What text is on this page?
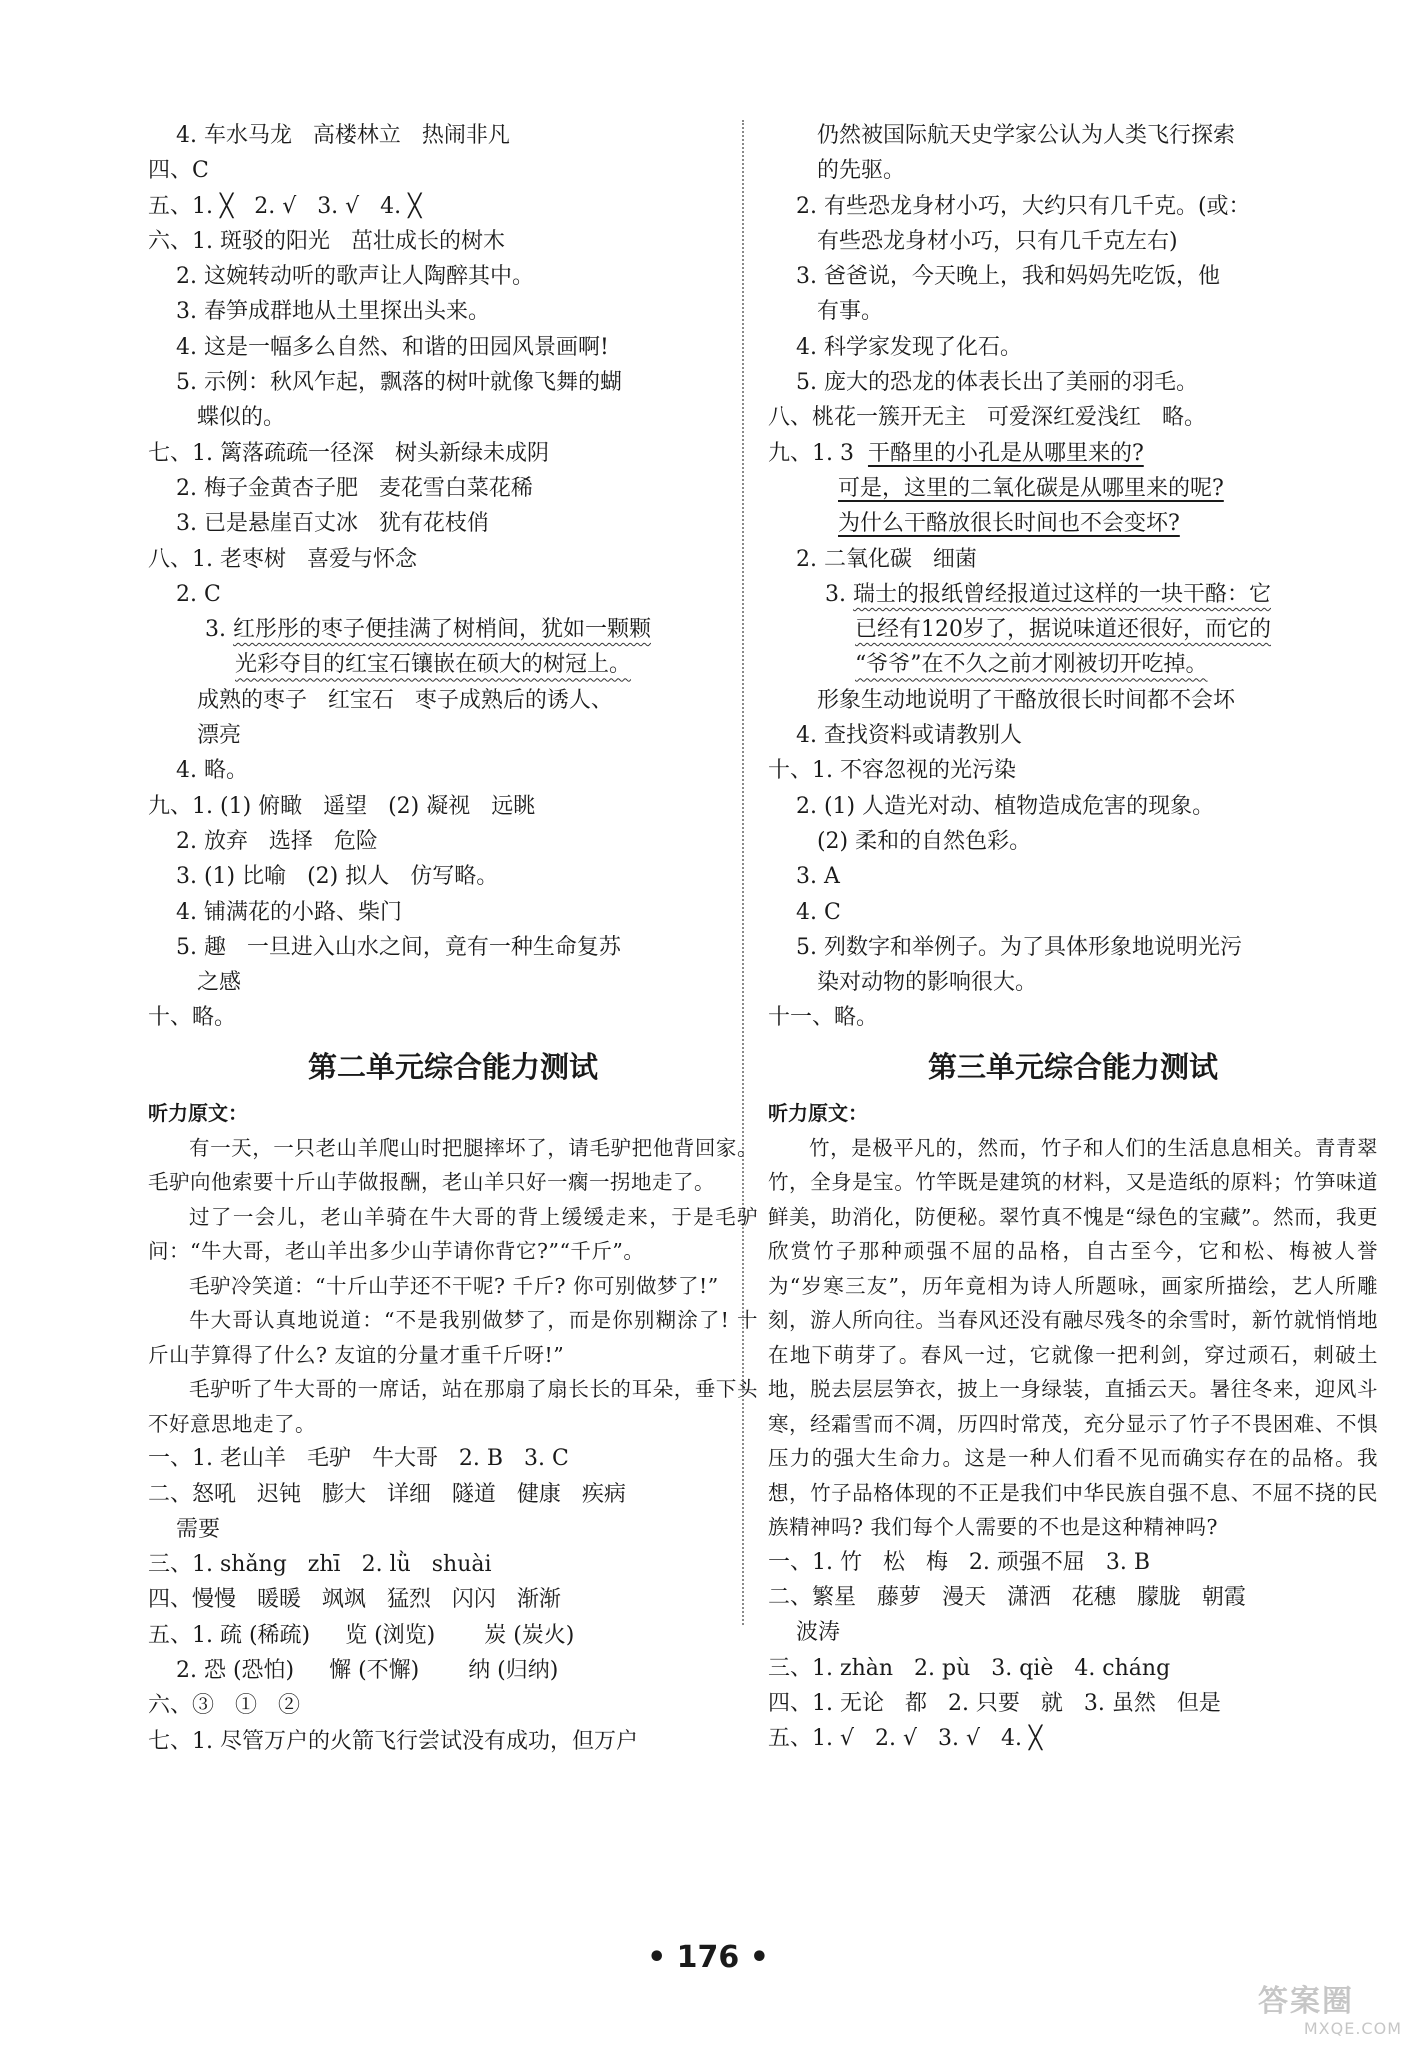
4. 车水马龙   高楼林立   热闹非凡
四、C
五、1. ╳   2. √   3. √   4. ╳
六、1. 斑驳的阳光   茁壮成长的树木
2. 这婉转动听的歌声让人陶醉其中。
3. 春笋成群地从土里探出头来。
4. 这是一幅多么自然、和谐的田园风景画啊!
5. 示例：秋风乍起，飘落的树叶就像飞舞的蝴
蝶似的。
七、1. 篱落疏疏一径深   树头新绿未成阴
2. 梅子金黄杏子肥   麦花雪白菜花稀
3. 已是悬崖百丈冰   犹有花枝俏
八、1. 老枣树   喜爱与怀念
2. C
3. 红彤彤的枣子便挂满了树梢间，犹如一颗颗
光彩夺目的红宝石镶嵌在硕大的树冠上。
成熟的枣子   红宝石   枣子成熟后的诱人、
漂亮
4. 略。
九、1. (1) 俯瞰   遥望   (2) 凝视   远眺
2. 放弃   选择   危险
3. (1) 比喻   (2) 拟人   仿写略。
4. 铺满花的小路、柴门
5. 趣   一旦进入山水之间，竟有一种生命复苏
之感
十、略。
第二单元综合能力测试
听力原文：

有一天，一只老山羊爬山时把腿摔坏了，请毛驴把他背回家。毛驴向他索要十斤山芋做报酬，老山羊只好一瘸一拐地走了。

过了一会儿，老山羊骑在牛大哥的背上缓缓走来，于是毛驴问：“牛大哥，老山羊出多少山芋请你背它?”“千斤”。

毛驴冷笑道：“十斤山芋还不干呢? 千斤? 你可别做梦了!”

牛大哥认真地说道：“不是我别做梦了，而是你别糊涂了! 十斤山芋算得了什么? 友谊的分量才重千斤呀!”

毛驴听了牛大哥的一席话，站在那扇了扇长长的耳朵，垂下头不好意思地走了。

一、1. 老山羊   毛驴   牛大哥   2. B   3. C
二、怒吼   迟钝   膨大   详细   隧道   健康   疾病
需要
三、1. shǎng   zhī   2. lǜ   shuài
四、慢慢   暖暖   飒飒   猛烈   闪闪   渐渐
五、1. 疏 (稀疏)     览 (浏览)       炭 (炭火)
2. 恐 (恐怕)     懈 (不懈)       纳 (归纳)
六、③   ①   ②
七、1. 尽管万户的火箭飞行尝试没有成功，但万户
仍然被国际航天史学家公认为人类飞行探索
的先驱。
2. 有些恐龙身材小巧，大约只有几千克。(或：
有些恐龙身材小巧，只有几千克左右)
3. 爸爸说，今天晚上，我和妈妈先吃饭，他
有事。
4. 科学家发现了化石。
5. 庞大的恐龙的体表长出了美丽的羽毛。
八、桃花一簇开无主   可爱深红爱浅红   略。
九、1. 3  干酪里的小孔是从哪里来的?
可是，这里的二氧化碳是从哪里来的呢?
为什么干酪放很长时间也不会变坏?
2. 二氧化碳   细菌
3. 瑞士的报纸曾经报道过这样的一块干酪：它
已经有120岁了，据说味道还很好，而它的
“爷爷”在不久之前才刚被切开吃掉。
形象生动地说明了干酪放很长时间都不会坏
4. 查找资料或请教别人
十、1. 不容忽视的光污染
2. (1) 人造光对动、植物造成危害的现象。
(2) 柔和的自然色彩。
3. A
4. C
5. 列数字和举例子。为了具体形象地说明光污
染对动物的影响很大。
十一、略。
第三单元综合能力测试
听力原文：

竹，是极平凡的，然而，竹子和人们的生活息息相关。青青翠竹，全身是宝。竹竿既是建筑的材料，又是造纸的原料；竹笋味道鲜美，助消化，防便秘。翠竹真不愧是“绿色的宝藏”。然而，我更欣赏竹子那种顽强不屈的品格，自古至今，它和松、梅被人誉为“岁寒三友”，历年竟相为诗人所题咏，画家所描绘，艺人所雕刻，游人所向往。当春风还没有融尽残冬的余雪时，新竹就悄悄地在地下萌芽了。春风一过，它就像一把利剑，穿过顽石，刺破土地，脱去层层笋衣，披上一身绿装，直插云天。暑往冬来，迎风斗寒，经霜雪而不凋，历四时常茂，充分显示了竹子不畏困难、不惧压力的强大生命力。这是一种人们看不见而确实存在的品格。我想，竹子品格体现的不正是我们中华民族自强不息、不屈不挠的民族精神吗? 我们每个人需要的不也是这种精神吗?

一、1. 竹   松   梅   2. 顽强不屈   3. B
二、繁星   藤萝   漫天   潇洒   花穗   朦胧   朝霞
波涛
三、1. zhàn   2. pù   3. qiè   4. cháng
四、1. 无论   都   2. 只要   就   3. 虽然   但是
五、1. √   2. √   3. √   4. ╳
• 176 •
答案圈
MXQE.COM
